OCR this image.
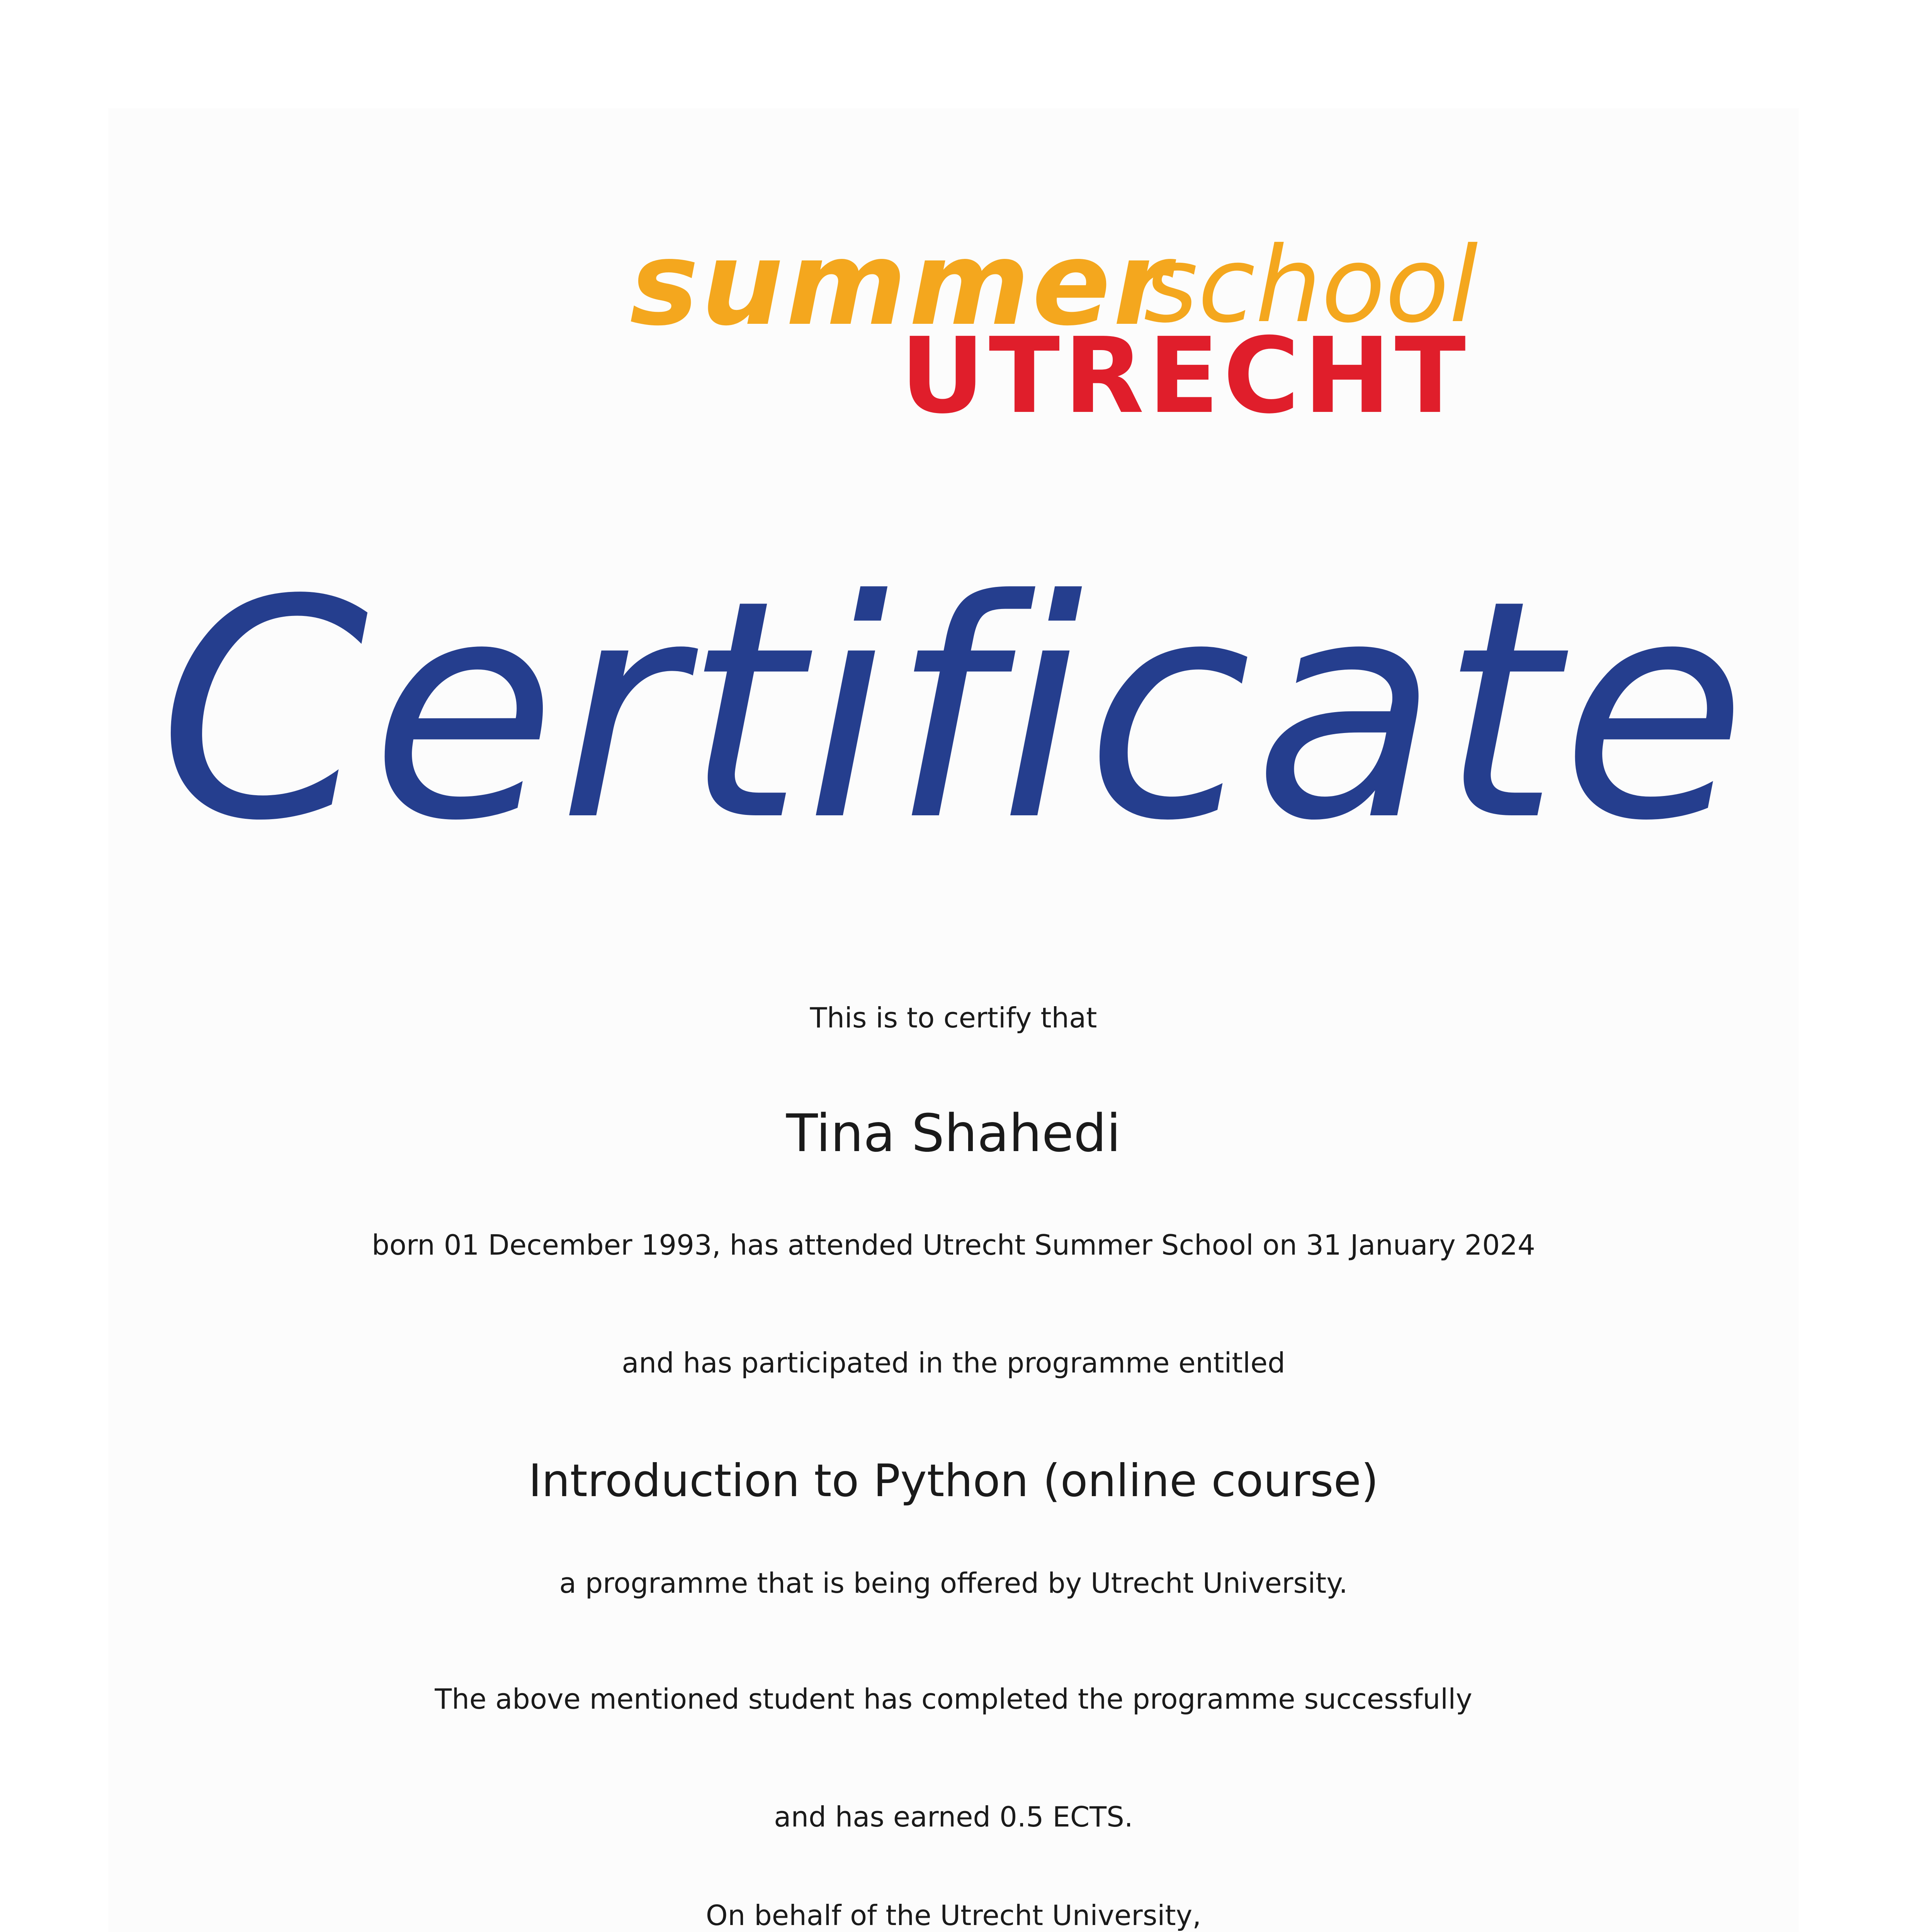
summer
school
UTRECHT
Certificate
This is to certify that
Tina Shahedi
born 01 December 1993, has attended Utrecht Summer School on 31 January 2024
and has participated in the programme entitled
Introduction to Python (online course)
a programme that is being offered by Utrecht University.
The above mentioned student has completed the programme successfully
and has earned 0.5 ECTS.
On behalf of the Utrecht University,
